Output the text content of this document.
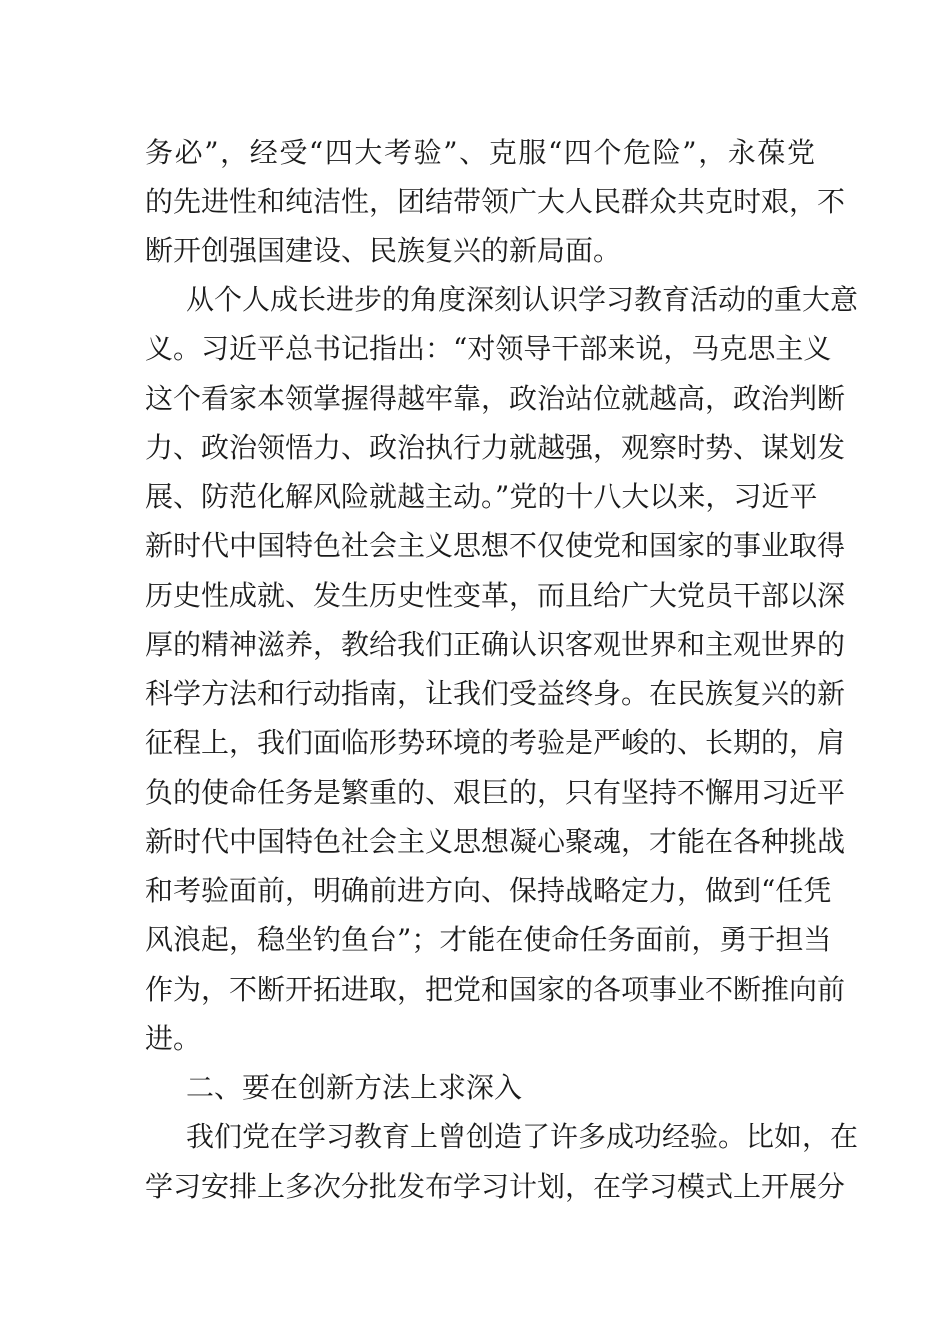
务必”，经受“四大考验”、克服“四个危险”，永葆党
的先进性和纯洁性，团结带领广大人民群众共克时艰，不
断开创强国建设、民族复兴的新局面。
从个人成长进步的角度深刻认识学习教育活动的重大意
义。习近平总书记指出：“对领导干部来说，马克思主义
这个看家本领掌握得越牢靠，政治站位就越高，政治判断
力、政治领悟力、政治执行力就越强，观察时势、谋划发
展、防范化解风险就越主动。”党的十八大以来，习近平
新时代中国特色社会主义思想不仅使党和国家的事业取得
历史性成就、发生历史性变革，而且给广大党员干部以深
厚的精神滋养，教给我们正确认识客观世界和主观世界的
科学方法和行动指南，让我们受益终身。在民族复兴的新
征程上，我们面临形势环境的考验是严峻的、长期的，肩
负的使命任务是繁重的、艰巨的，只有坚持不懈用习近平
新时代中国特色社会主义思想凝心聚魂，才能在各种挑战
和考验面前，明确前进方向、保持战略定力，做到“任凭
风浪起，稳坐钓鱼台”；才能在使命任务面前，勇于担当
作为，不断开拓进取，把党和国家的各项事业不断推向前
进。
二、要在创新方法上求深入
我们党在学习教育上曾创造了许多成功经验。比如，在
学习安排上多次分批发布学习计划，在学习模式上开展分
